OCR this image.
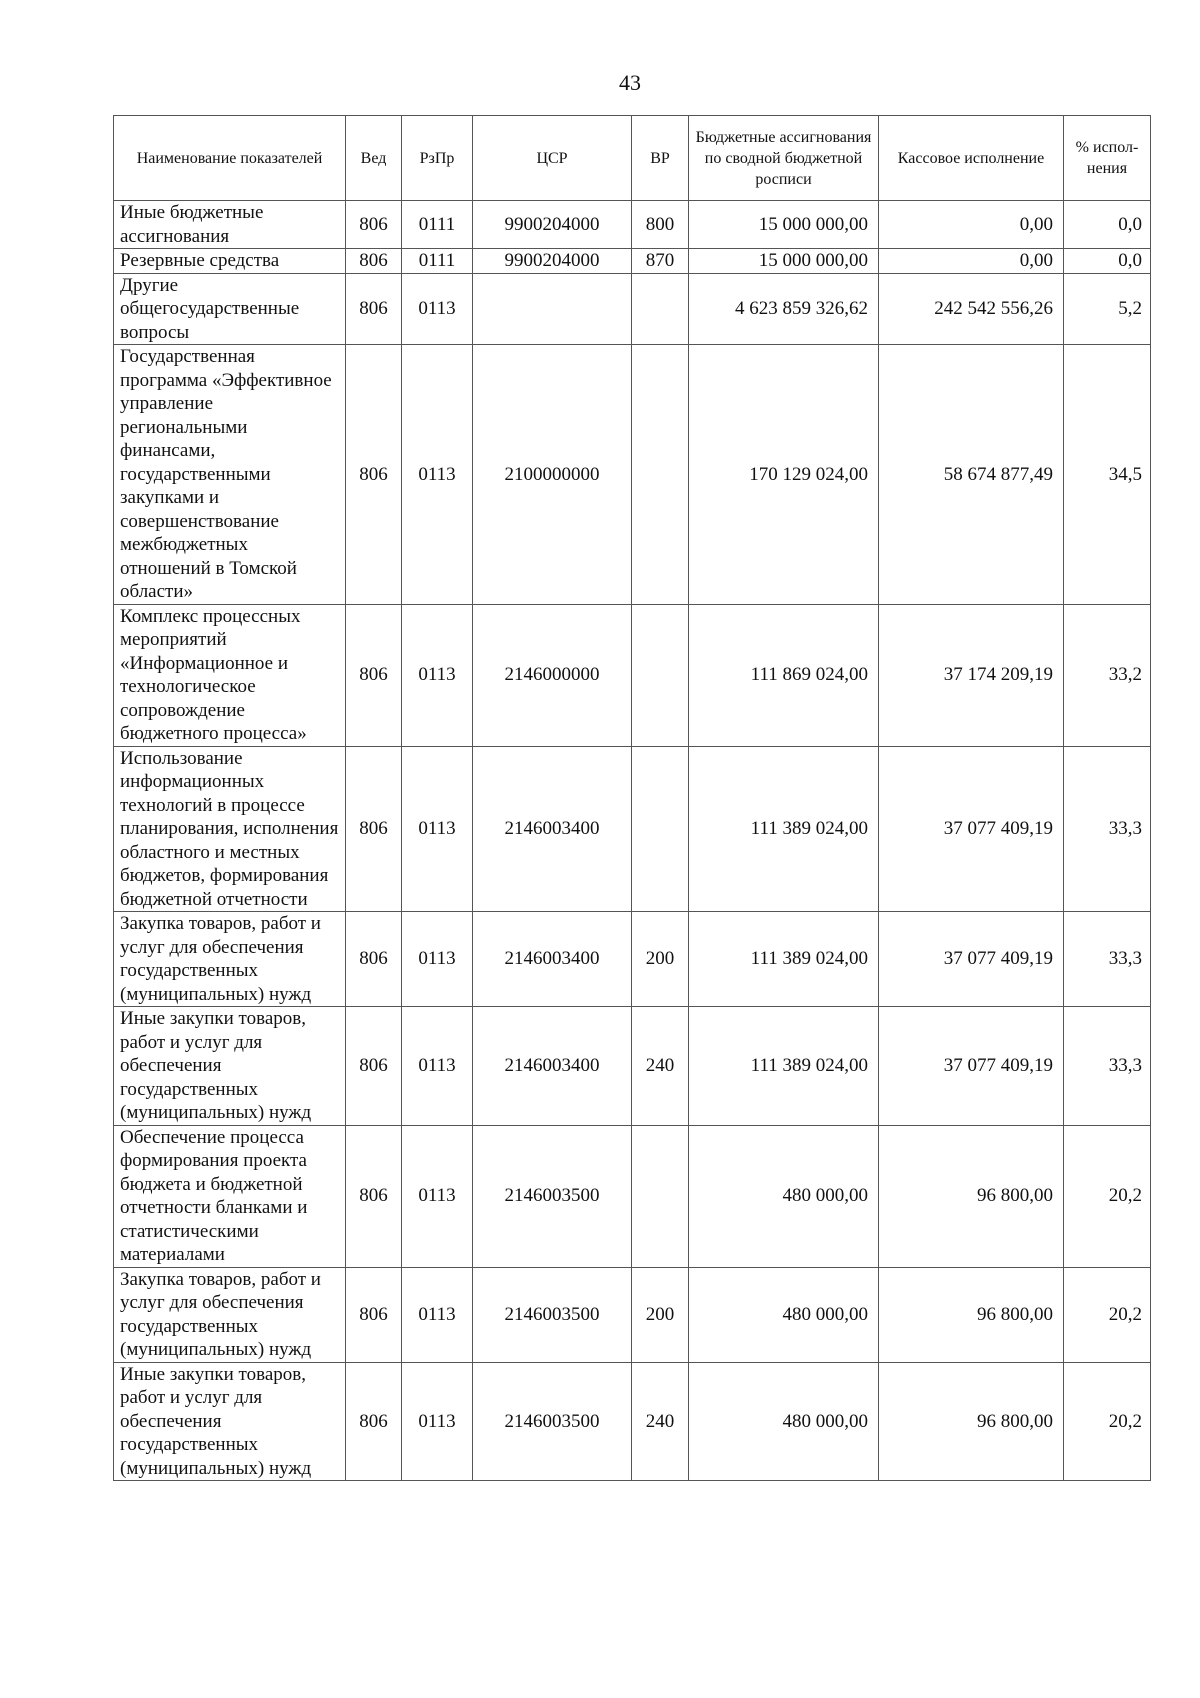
43
Наименование показателей	Вед	РзПр	ЦСР	ВР	Бюджетные ассигнования по сводной бюджетной росписи	Кассовое исполнение	% испол-нения
Иные бюджетные ассигнования	806	0111	9900204000	800	15 000 000,00	0,00	0,0
Резервные средства	806	0111	9900204000	870	15 000 000,00	0,00	0,0
Другие общегосударственные вопросы	806	0113			4 623 859 326,62	242 542 556,26	5,2
Государственная программа «Эффективное управление региональными финансами, государственными закупками и совершенствование межбюджетных отношений в Томской области»	806	0113	2100000000		170 129 024,00	58 674 877,49	34,5
Комплекс процессных мероприятий «Информационное и технологическое сопровождение бюджетного процесса»	806	0113	2146000000		111 869 024,00	37 174 209,19	33,2
Использование информационных технологий в процессе планирования, исполнения областного и местных бюджетов, формирования бюджетной отчетности	806	0113	2146003400		111 389 024,00	37 077 409,19	33,3
Закупка товаров, работ и услуг для обеспечения государственных (муниципальных) нужд	806	0113	2146003400	200	111 389 024,00	37 077 409,19	33,3
Иные закупки товаров, работ и услуг для обеспечения государственных (муниципальных) нужд	806	0113	2146003400	240	111 389 024,00	37 077 409,19	33,3
Обеспечение процесса формирования проекта бюджета и бюджетной отчетности бланками и статистическими материалами	806	0113	2146003500		480 000,00	96 800,00	20,2
Закупка товаров, работ и услуг для обеспечения государственных (муниципальных) нужд	806	0113	2146003500	200	480 000,00	96 800,00	20,2
Иные закупки товаров, работ и услуг для обеспечения государственных (муниципальных) нужд	806	0113	2146003500	240	480 000,00	96 800,00	20,2
